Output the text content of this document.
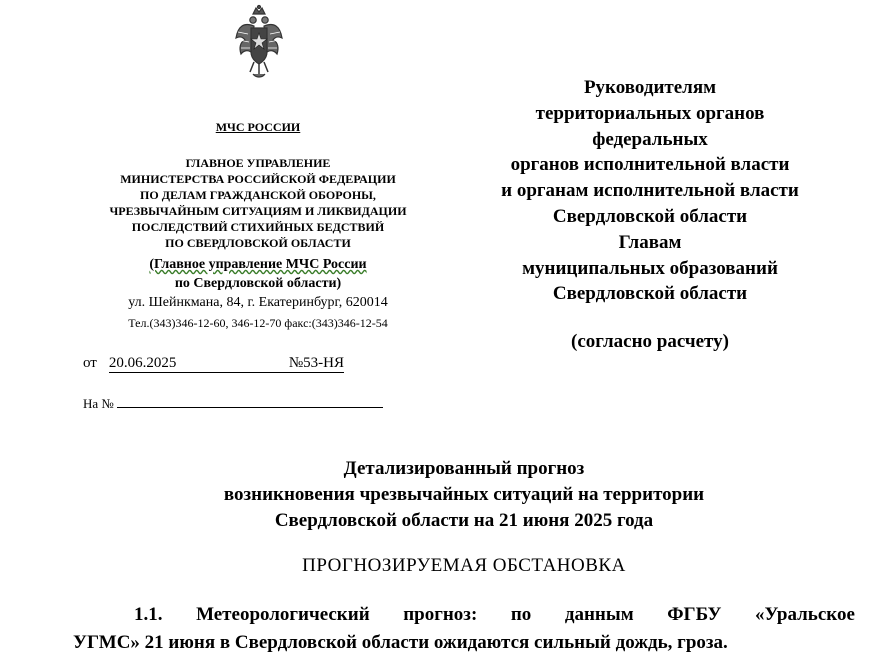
МЧС РОССИИ
ГЛАВНОЕ УПРАВЛЕНИЕ
МИНИСТЕРСТВА РОССИЙСКОЙ ФЕДЕРАЦИИ
ПО ДЕЛАМ ГРАЖДАНСКОЙ ОБОРОНЫ,
ЧРЕЗВЫЧАЙНЫМ СИТУАЦИЯМ И ЛИКВИДАЦИИ
ПОСЛЕДСТВИЙ СТИХИЙНЫХ БЕДСТВИЙ
ПО СВЕРДЛОВСКОЙ ОБЛАСТИ
(Главное управление МЧС России
по Свердловской области)
ул. Шейнкмана, 84, г. Екатеринбург, 620014
Тел.(343)346-12-60, 346-12-70 факс:(343)346-12-54
от 20.06.2025	№53-НЯ
На №
Руководителям
территориальных органов
федеральных
органов исполнительной власти
и органам исполнительной власти
Свердловской области
Главам
муниципальных образований
Свердловской области
(согласно расчету)
Детализированный прогноз
возникновения чрезвычайных ситуаций на территории
Свердловской области на 21 июня 2025 года
ПРОГНОЗИРУЕМАЯ ОБСТАНОВКА
1.1. Метеорологический прогноз: по данным ФГБУ «Уральское
УГМС» 21 июня в Свердловской области ожидаются сильный дождь, гроза.
